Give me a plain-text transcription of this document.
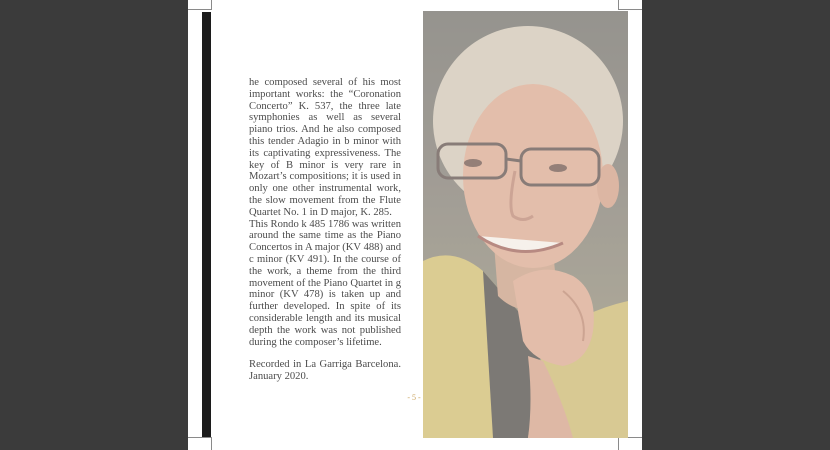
he composed several of his most important works: the “Coronation Concerto” K. 537, the three late symphonies as well as several piano trios. And he also composed this tender Adagio in b minor with its captivating expressiveness. The key of B minor is very rare in Mozart’s compositions; it is used in only one other instrumental work, the slow movement from the Flute Quartet No. 1 in D major, K. 285.

This Rondo k 485 1786 was written around the same time as the Piano Concertos in A major (KV 488) and c minor (KV 491). In the course of the work, a theme from the third movement of the Piano Quartet in g minor (KV 478) is taken up and further developed. In spite of its considerable length and its musical depth the work was not published during the composer’s lifetime.

Recorded in La Garriga Barcelona. January 2020.

- 5 -
